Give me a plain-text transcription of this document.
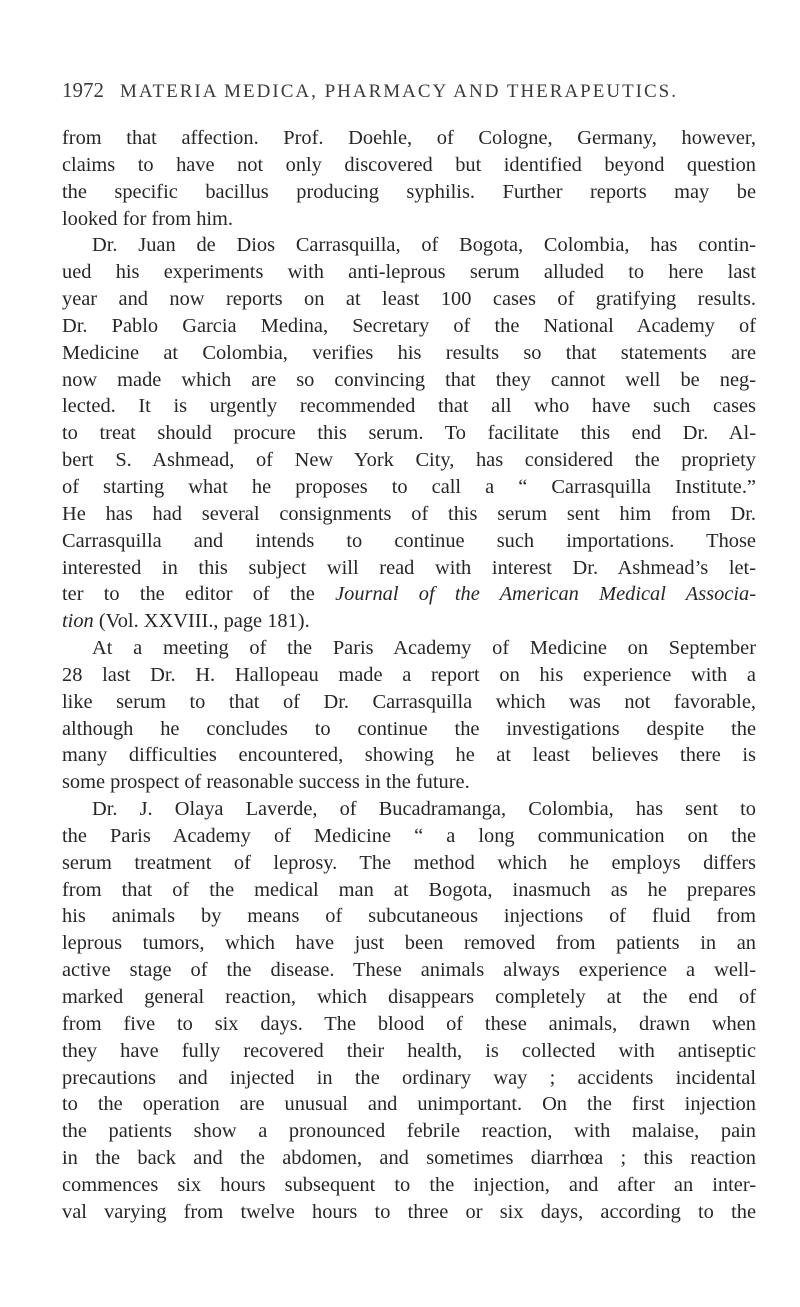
1972 MATERIA MEDICA, PHARMACY AND THERAPEUTICS.
from that affection. Prof. Doehle, of Cologne, Germany, however,
claims to have not only discovered but identified beyond question
the specific bacillus producing syphilis. Further reports may be
looked for from him.
Dr. Juan de Dios Carrasquilla, of Bogota, Colombia, has contin-
ued his experiments with anti-leprous serum alluded to here last
year and now reports on at least 100 cases of gratifying results.
Dr. Pablo Garcia Medina, Secretary of the National Academy of
Medicine at Colombia, verifies his results so that statements are
now made which are so convincing that they cannot well be neg-
lected. It is urgently recommended that all who have such cases
to treat should procure this serum. To facilitate this end Dr. Al-
bert S. Ashmead, of New York City, has considered the propriety
of starting what he proposes to call a “ Carrasquilla Institute.”
He has had several consignments of this serum sent him from Dr.
Carrasquilla and intends to continue such importations. Those
interested in this subject will read with interest Dr. Ashmead’s let-
ter to the editor of the Journal of the American Medical Associa-
tion (Vol. XXVIII., page 181).
At a meeting of the Paris Academy of Medicine on September
28 last Dr. H. Hallopeau made a report on his experience with a
like serum to that of Dr. Carrasquilla which was not favorable,
although he concludes to continue the investigations despite the
many difficulties encountered, showing he at least believes there is
some prospect of reasonable success in the future.
Dr. J. Olaya Laverde, of Bucadramanga, Colombia, has sent to
the Paris Academy of Medicine “ a long communication on the
serum treatment of leprosy. The method which he employs differs
from that of the medical man at Bogota, inasmuch as he prepares
his animals by means of subcutaneous injections of fluid from
leprous tumors, which have just been removed from patients in an
active stage of the disease. These animals always experience a well-
marked general reaction, which disappears completely at the end of
from five to six days. The blood of these animals, drawn when
they have fully recovered their health, is collected with antiseptic
precautions and injected in the ordinary way ; accidents incidental
to the operation are unusual and unimportant. On the first injection
the patients show a pronounced febrile reaction, with malaise, pain
in the back and the abdomen, and sometimes diarrhœa ; this reaction
commences six hours subsequent to the injection, and after an inter-
val varying from twelve hours to three or six days, according to the
